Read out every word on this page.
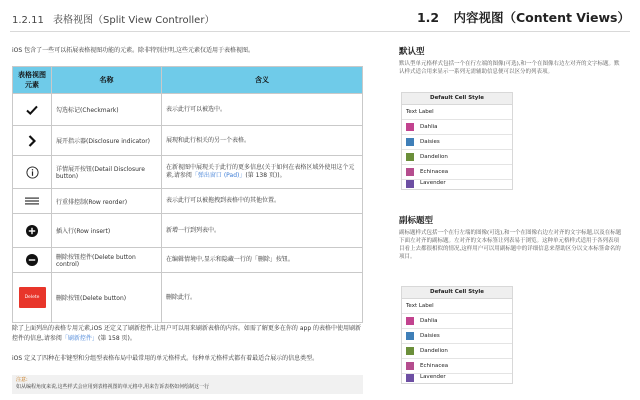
1.2.11 表格视图（Split View Controller）	1.2 内容视图（Content Views）
iOS 包含了一些可以拓展表格视图功能的元素。除非特别注明,这些元素仅适用于表格视图。
表格视图元素	名称	含义

	勾选标记(Checkmark)	表示此行可以被选中。

	展开指示器(Disclosure indicator)	展现和此行相关的另一个表格。

	详情展开按钮(Detail Disclosure button)	在新视图中展现关于此行的更多信息(关于如何在表格区域外使用这个元素,请参阅「弹出窗口 (Pad)」(第 138 页))。

	行重排控制(Row reorder)	表示此行可以被拖拽到表格中的其他位置。

	插入行(Row insert)	新增一行到列表中。

	删除按钮控件(Delete button control)	在编辑情境中,显示和隐藏一行的「删除」按钮。
Delete	删除按钮(Delete button)	删除此行。
除了上面列出的表格专用元素,iOS 还定义了刷新控件,让用户可以用来刷新表格的内容。如需了解更多在你的 app 的表格中使用刷新控件的信息,请参阅「刷新控件」(第 158 页)。
iOS 定义了四种在非键型和分组型表格布局中最常用的单元格样式。每种单元格样式都有着最适合展示的信息类型。
注意:
如从编程角度来说,这些样式会应用到表格视图的单元格中,用来告诉表格如何绘制这一行
默认型

默认型单元格样式包括一个在行左端的图像(可选),和一个在图像右边左对齐的文字标题。默认样式适合用来显示一系列无需辅助信息便可以区分的列表项。

Default Cell Style
Text Label
Dahlia
Daisies
Dandelion
Echinacea
Lavender
副标题型

副标题样式包括一个在行左端的图像(可选),和一个在图像右边左对齐的文字标题,以及在标题下面左对齐的副标题。左对齐的文本标签让列表易于浏览。这种单元格样式适用于各列表项目看上去都很相似的情况,这样用户可以用副标题中的详细信息来帮助区分以文本标签命名的项目。

Default Cell Style
Text Label
Dahlia
Daisies
Dandelion
Echinacea
Lavender
